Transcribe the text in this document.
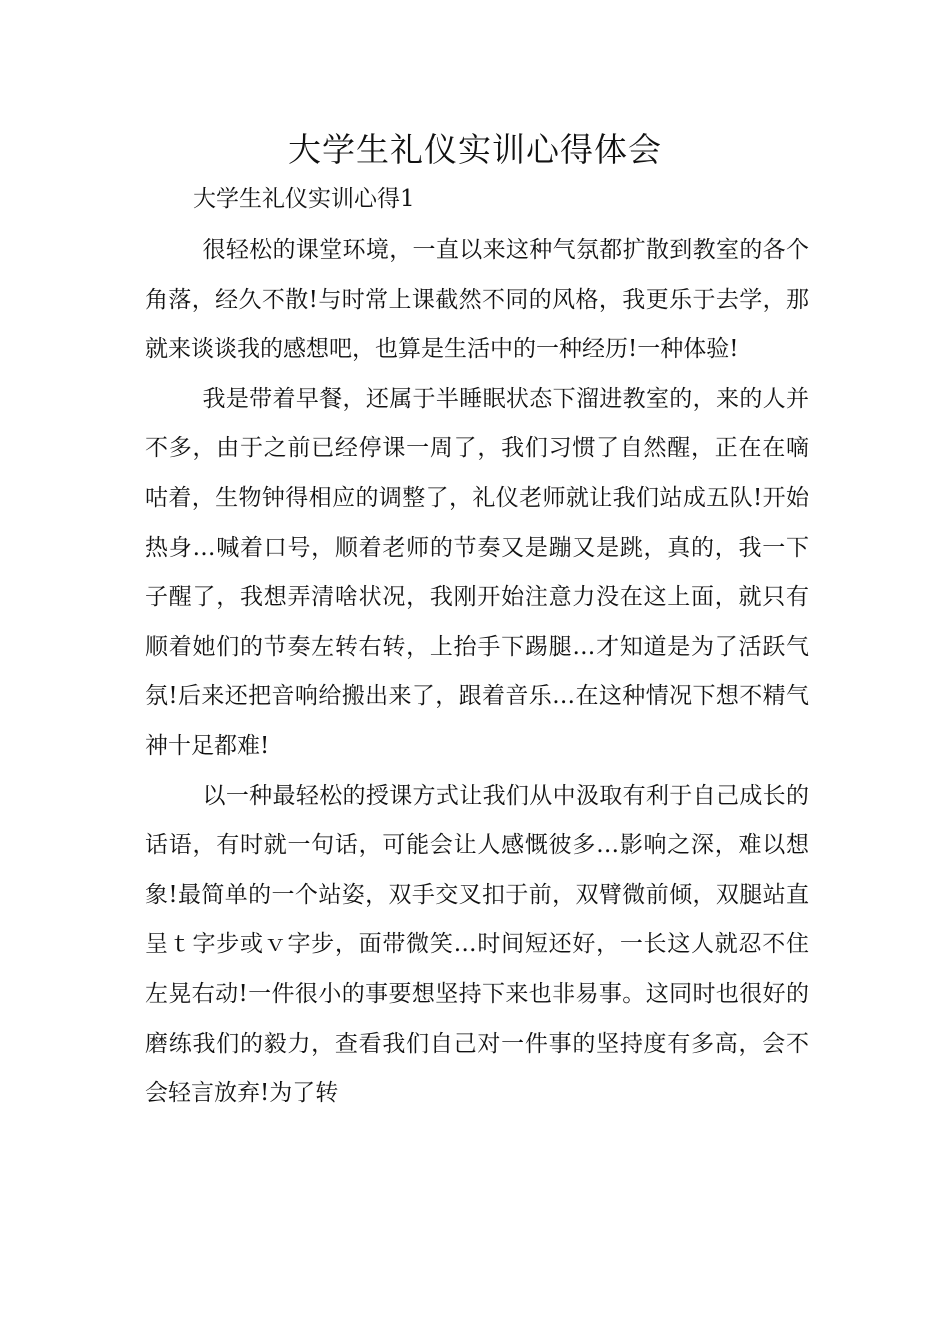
大学生礼仪实训心得体会
大学生礼仪实训心得1

很轻松的课堂环境，一直以来这种气氛都扩散到教室的各个角落，经久不散!与时常上课截然不同的风格，我更乐于去学，那就来谈谈我的感想吧，也算是生活中的一种经历!一种体验!

我是带着早餐，还属于半睡眠状态下溜进教室的，来的人并不多，由于之前已经停课一周了，我们习惯了自然醒，正在在嘀咕着，生物钟得相应的调整了，礼仪老师就让我们站成五队!开始热身…喊着口号，顺着老师的节奏又是蹦又是跳，真的，我一下子醒了，我想弄清啥状况，我刚开始注意力没在这上面，就只有顺着她们的节奏左转右转，上抬手下踢腿…才知道是为了活跃气氛!后来还把音响给搬出来了，跟着音乐…在这种情况下想不精气神十足都难!

以一种最轻松的授课方式让我们从中汲取有利于自己成长的话语，有时就一句话，可能会让人感慨彼多…影响之深，难以想象!最简单的一个站姿，双手交叉扣于前，双臂微前倾，双腿站直呈ｔ字步或ｖ字步，面带微笑…时间短还好，一长这人就忍不住左晃右动!一件很小的事要想坚持下来也非易事。这同时也很好的磨练我们的毅力，查看我们自己对一件事的坚持度有多高，会不会轻言放弃!为了转
